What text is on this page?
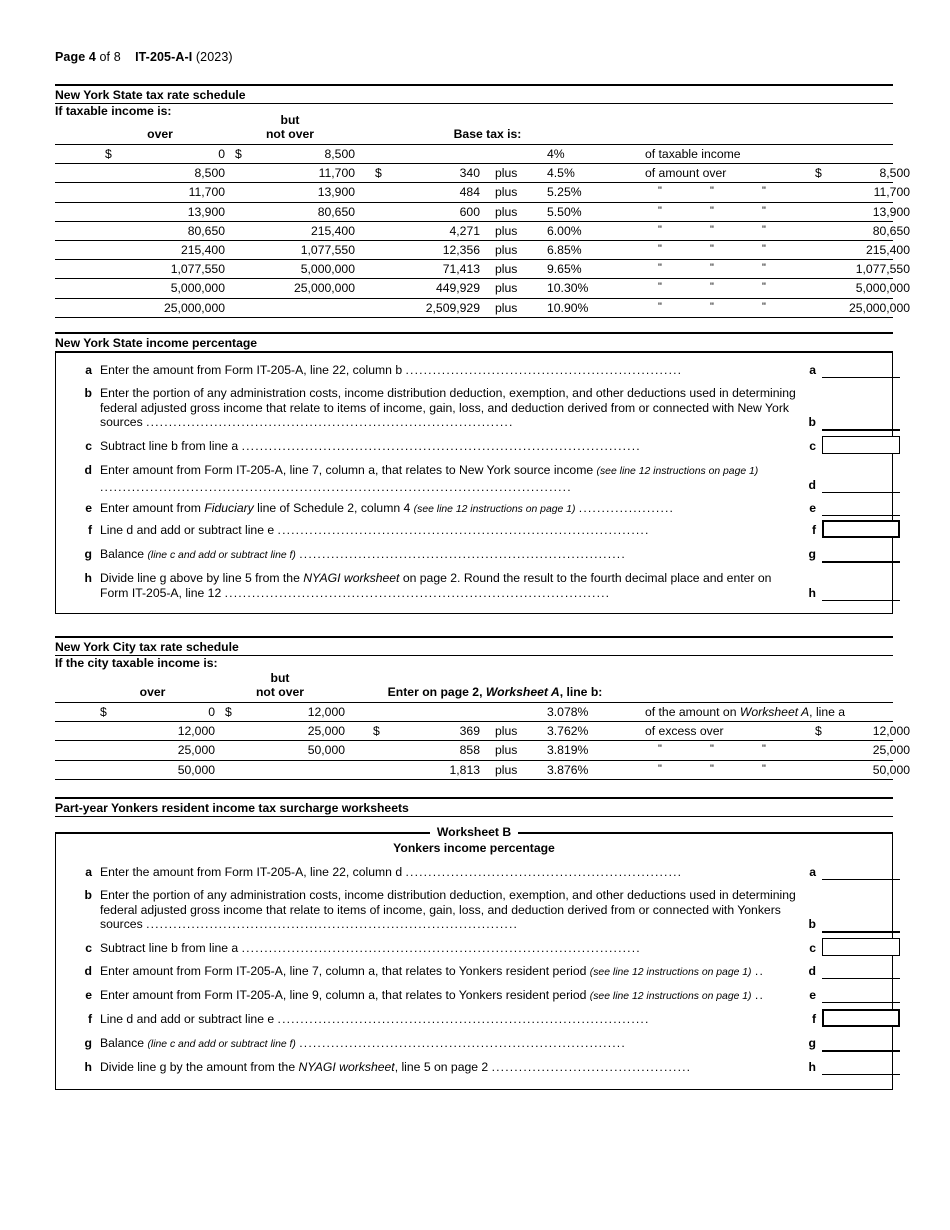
Page 4 of 8 IT-205-A-I (2023)
New York State tax rate schedule
If taxable income is:
over
but
not over	Base tax is:
$	0 $	8,500	4%	of taxable income
8,500	11,700 $	340 plus	4.5%	of amount over	$	8,500
11,700	13,900	484 plus	5.25%	"	"	"	11,700
13,900	80,650	600 plus	5.50%	"	"	"	13,900
80,650	215,400	4,271 plus	6.00%	"	"	"	80,650
215,400	1,077,550	12,356 plus	6.85%	"	"	"	215,400
1,077,550	5,000,000	71,413 plus	9.65%	"	"	"	1,077,550
5,000,000	25,000,000	449,929 plus	10.30%	"	"	"	5,000,000
25,000,000	2,509,929 plus	10.90%	"	"	"	25,000,000
New York State income percentage
a Enter the amount from Form IT-205-A, line 22, column b .............................................................	a
b Enter the portion of any administration costs, income distribution deduction, exemption, and other deductions used in determining federal adjusted gross income that relate to items of income, gain, loss, and deduction derived from or connected with New York sources .................................................................................	b
c Subtract line b from line a ........................................................................................	c
d Enter amount from Form IT-205-A, line 7, column a, that relates to New York source income (see line 12 instructions on page 1) ........................................................................................................	d
e Enter amount from Fiduciary line of Schedule 2, column 4 (see line 12 instructions on page 1) .....................	e
f Line d and add or subtract line e ..................................................................................	f
g Balance (line c and add or subtract line f) ........................................................................	g
h Divide line g above by line 5 from the NYAGI worksheet on page 2. Round the result to the fourth decimal place and enter on Form IT-205-A, line 12 .....................................................................................	h
New York City tax rate schedule
If the city taxable income is:
over
but
not over	Enter on page 2, Worksheet A, line b:
$	0 $	12,000	3.078%	of the amount on Worksheet A, line a
12,000	25,000 $	369 plus	3.762%	of excess over	$	12,000
25,000	50,000	858 plus	3.819%	"	"	"	25,000
50,000	1,813 plus	3.876%	"	"	"	50,000
Part-year Yonkers resident income tax surcharge worksheets
a Enter the amount from Form IT-205-A, line 22, column d .............................................................	a
b Enter the portion of any administration costs, income distribution deduction, exemption, and other deductions used in determining federal adjusted gross income that relate to items of income, gain, loss, and deduction derived from or connected with Yonkers sources ..................................................................................	b
c Subtract line b from line a ........................................................................................	c
d Enter amount from Form IT-205-A, line 7, column a, that relates to Yonkers resident period (see line 12 instructions on page 1) ..	d
e Enter amount from Form IT-205-A, line 9, column a, that relates to Yonkers resident period (see line 12 instructions on page 1) ..	e
f Line d and add or subtract line e ..................................................................................	f
g Balance (line c and add or subtract line f) ........................................................................	g
h Divide line g by the amount from the NYAGI worksheet, line 5 on page 2 ............................................	h
Worksheet B
Yonkers income percentage
